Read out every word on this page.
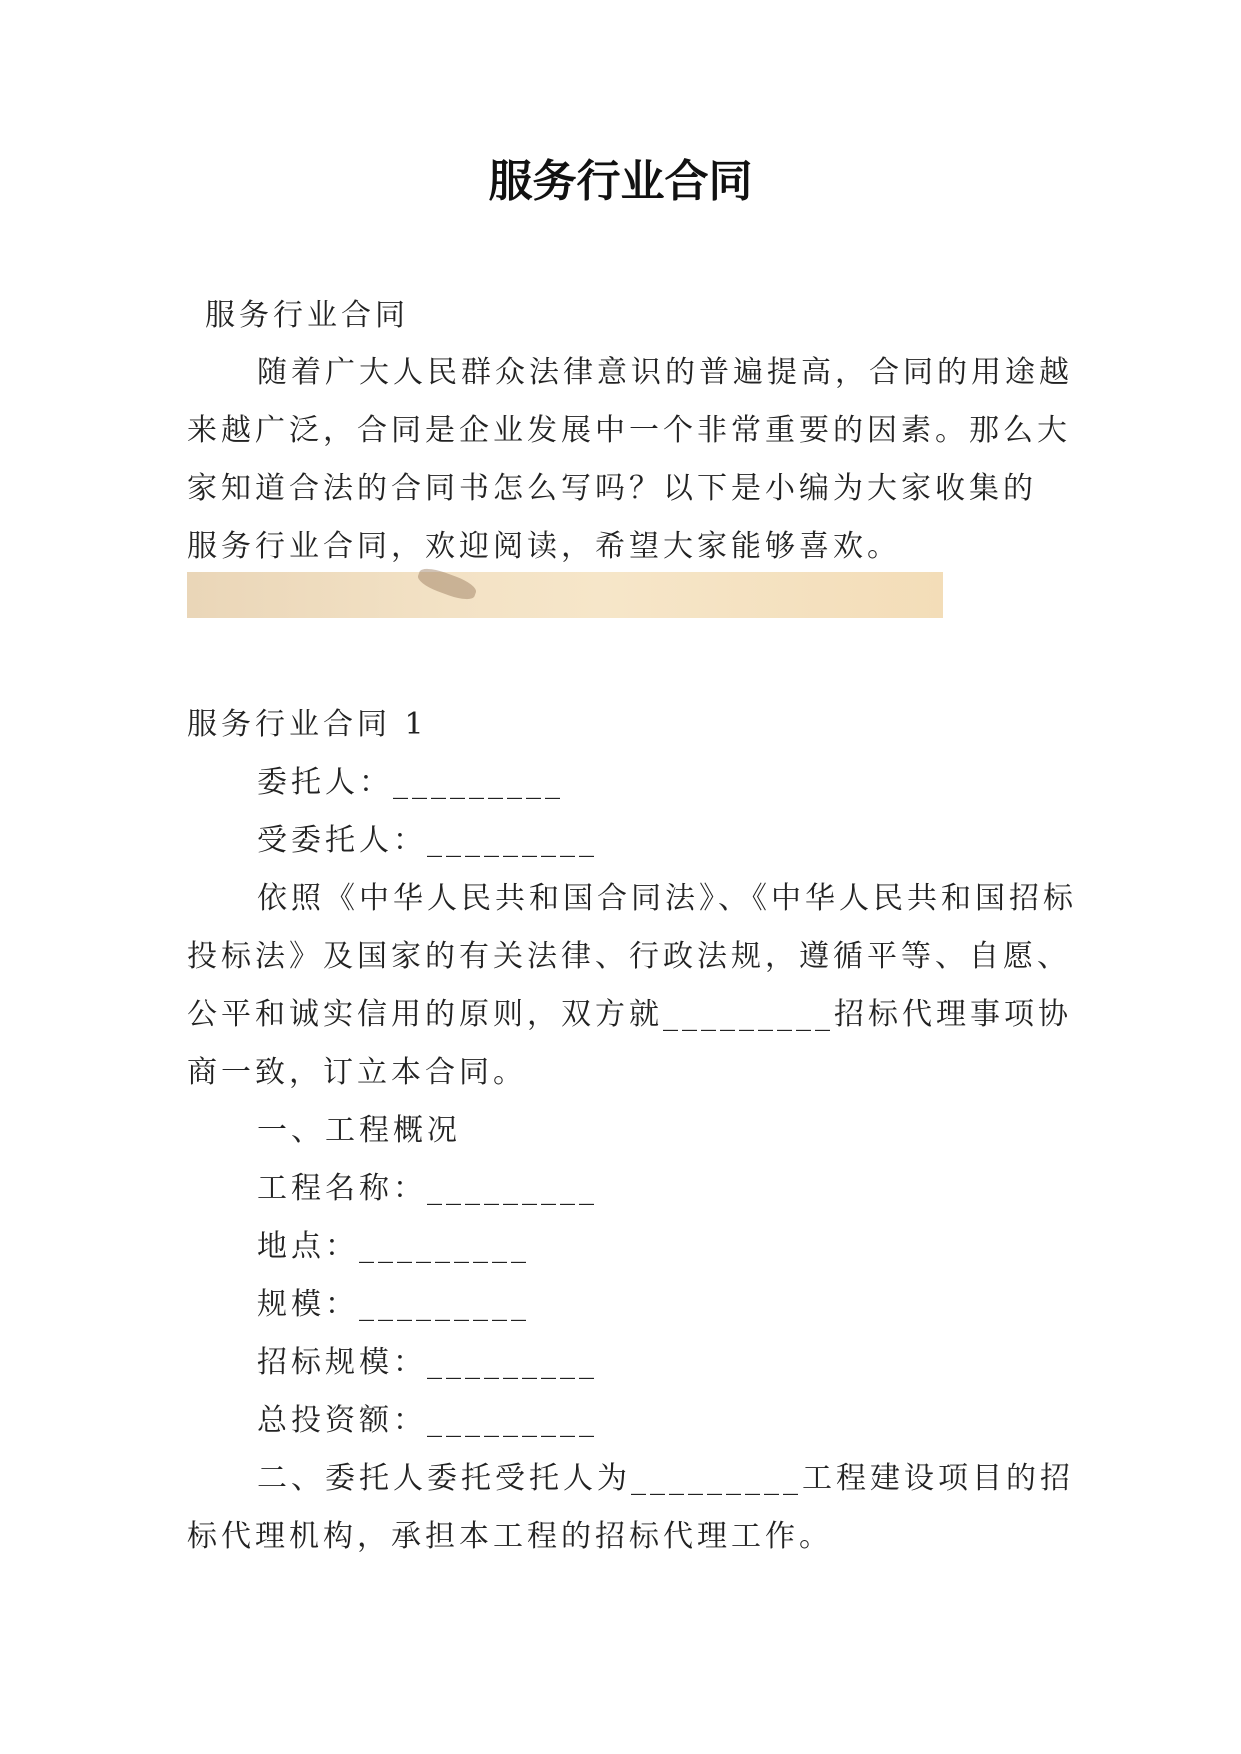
服务行业合同

服务行业合同

随着广大人民群众法律意识的普遍提高，合同的用途越

来越广泛，合同是企业发展中一个非常重要的因素。那么大

家知道合法的合同书怎么写吗？以下是小编为大家收集的

服务行业合同，欢迎阅读，希望大家能够喜欢。

服务行业合同 1

委托人：_________

受委托人：_________

依照《中华人民共和国合同法》、《中华人民共和国招标

投标法》及国家的有关法律、行政法规，遵循平等、自愿、

公平和诚实信用的原则，双方就_________招标代理事项协

商一致，订立本合同。

一、工程概况

工程名称：_________

地点：_________

规模：_________

招标规模：_________

总投资额：_________

二、委托人委托受托人为_________工程建设项目的招

标代理机构，承担本工程的招标代理工作。
